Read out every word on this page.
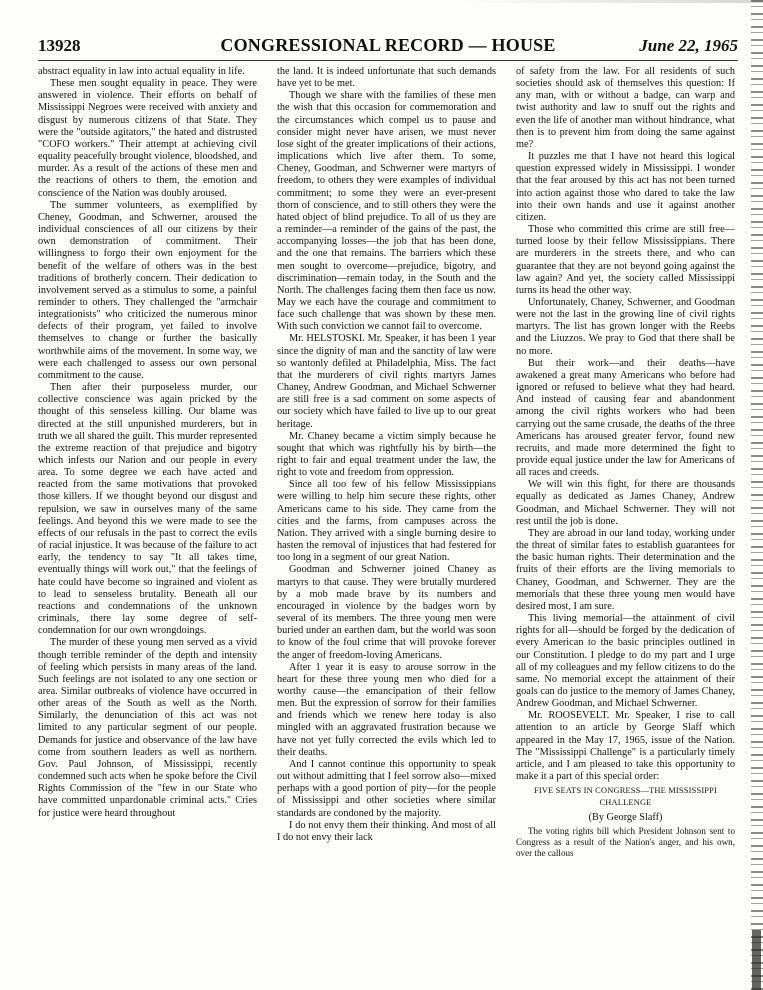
13928	CONGRESSIONAL RECORD — HOUSE	June 22, 1965

abstract equality in law into actual equality in life.

These men sought equality in peace. They were answered in violence. Their efforts on behalf of Mississippi Negroes were received with anxiety and disgust by numerous citizens of that State. They were the "outside agitators," the hated and distrusted "COFO workers." Their attempt at achieving civil equality peacefully brought violence, bloodshed, and murder. As a result of the actions of these men and the reactions of others to them, the emotion and conscience of the Nation was doubly aroused.

The summer volunteers, as exemplified by Cheney, Goodman, and Schwerner, aroused the individual consciences of all our citizens by their own demonstration of commitment. Their willingness to forgo their own enjoyment for the benefit of the welfare of others was in the best traditions of brotherly concern. Their dedication to involvement served as a stimulus to some, a painful reminder to others. They challenged the "armchair integrationists" who criticized the numerous minor defects of their program, yet failed to involve themselves to change or further the basically worthwhile aims of the movement. In some way, we were each challenged to assess our own personal commitment to the cause.

Then after their purposeless murder, our collective conscience was again pricked by the thought of this senseless killing. Our blame was directed at the still unpunished murderers, but in truth we all shared the guilt. This murder represented the extreme reaction of that prejudice and bigotry which infests our Nation and our people in every area. To some degree we each have acted and reacted from the same motivations that provoked those killers. If we thought beyond our disgust and repulsion, we saw in ourselves many of the same feelings. And beyond this we were made to see the effects of our refusals in the past to correct the evils of racial injustice. It was because of the failure to act early, the tendency to say "It all takes time, eventually things will work out," that the feelings of hate could have become so ingrained and violent as to lead to senseless brutality. Beneath all our reactions and condemnations of the unknown criminals, there lay some degree of self-condemnation for our own wrongdoings.

The murder of these young men served as a vivid though terrible reminder of the depth and intensity of feeling which persists in many areas of the land. Such feelings are not isolated to any one section or area. Similar outbreaks of violence have occurred in other areas of the South as well as the North. Similarly, the denunciation of this act was not limited to any particular segment of our people. Demands for justice and observance of the law have come from southern leaders as well as northern. Gov. Paul Johnson, of Mississippi, recently condemned such acts when he spoke before the Civil Rights Commission of the "few in our State who have committed unpardonable criminal acts." Cries for justice were heard throughout

the land. It is indeed unfortunate that such demands have yet to be met.

Though we share with the families of these men the wish that this occasion for commemoration and the circumstances which compel us to pause and consider might never have arisen, we must never lose sight of the greater implications of their actions, implications which live after them. To some, Cheney, Goodman, and Schwerner were martyrs of freedom, to others they were examples of individual commitment; to some they were an ever-present thorn of conscience, and to still others they were the hated object of blind prejudice. To all of us they are a reminder—a reminder of the gains of the past, the accompanying losses—the job that has been done, and the one that remains. The barriers which these men sought to overcome—prejudice, bigotry, and discrimination—remain today, in the South and the North. The challenges facing them then face us now. May we each have the courage and commitment to face such challenge that was shown by these men. With such conviction we cannot fail to overcome.

Mr. HELSTOSKI. Mr. Speaker, it has been 1 year since the dignity of man and the sanctity of law were so wantonly defiled at Philadelphia, Miss. The fact that the murderers of civil rights martyrs James Chaney, Andrew Goodman, and Michael Schwerner are still free is a sad comment on some aspects of our society which have failed to live up to our great heritage.

Mr. Chaney became a victim simply because he sought that which was rightfully his by birth—the right to fair and equal treatment under the law, the right to vote and freedom from oppression.

Since all too few of his fellow Mississippians were willing to help him secure these rights, other Americans came to his side. They came from the cities and the farms, from campuses across the Nation. They arrived with a single burning desire to hasten the removal of injustices that had festered for too long in a segment of our great Nation.

Goodman and Schwerner joined Chaney as martyrs to that cause. They were brutally murdered by a mob made brave by its numbers and encouraged in violence by the badges worn by several of its members. The three young men were buried under an earthen dam, but the world was soon to know of the foul crime that will provoke forever the anger of freedom-loving Americans.

After 1 year it is easy to arouse sorrow in the heart for these three young men who died for a worthy cause—the emancipation of their fellow men. But the expression of sorrow for their families and friends which we renew here today is also mingled with an aggravated frustration because we have not yet fully corrected the evils which led to their deaths.

And I cannot continue this opportunity to speak out without admitting that I feel sorrow also—mixed perhaps with a good portion of pity—for the people of Mississippi and other societies where similar standards are condoned by the majority.

I do not envy them their thinking. And most of all I do not envy their lack

of safety from the law. For all residents of such societies should ask of themselves this question: If any man, with or without a badge, can warp and twist authority and law to snuff out the rights and even the life of another man without hindrance, what then is to prevent him from doing the same against me?

It puzzles me that I have not heard this logical question expressed widely in Mississippi. I wonder that the fear aroused by this act has not been turned into action against those who dared to take the law into their own hands and use it against another citizen.

Those who committed this crime are still free—turned loose by their fellow Mississippians. There are murderers in the streets there, and who can guarantee that they are not beyond going against the law again? And yet, the society called Mississippi turns its head the other way.

Unfortunately, Chaney, Schwerner, and Goodman were not the last in the growing line of civil rights martyrs. The list has grown longer with the Reebs and the Liuzzos. We pray to God that there shall be no more.

But their work—and their deaths—have awakened a great many Americans who before had ignored or refused to believe what they had heard. And instead of causing fear and abandonment among the civil rights workers who had been carrying out the same crusade, the deaths of the three Americans has aroused greater fervor, found new recruits, and made more determined the fight to provide equal justice under the law for Americans of all races and creeds.

We will win this fight, for there are thousands equally as dedicated as James Chaney, Andrew Goodman, and Michael Schwerner. They will not rest until the job is done.

They are abroad in our land today, working under the threat of similar fates to establish guarantees for the basic human rights. Their determination and the fruits of their efforts are the living memorials to Chaney, Goodman, and Schwerner. They are the memorials that these three young men would have desired most, I am sure.

This living memorial—the attainment of civil rights for all—should be forged by the dedication of every American to the basic principles outlined in our Constitution. I pledge to do my part and I urge all of my colleagues and my fellow citizens to do the same. No memorial except the attainment of their goals can do justice to the memory of James Chaney, Andrew Goodman, and Michael Schwerner.

Mr. ROOSEVELT. Mr. Speaker, I rise to call attention to an article by George Slaff which appeared in the May 17, 1965, issue of the Nation. The "Mississippi Challenge" is a particularly timely article, and I am pleased to take this opportunity to make it a part of this special order:

FIVE SEATS IN CONGRESS—THE MISSISSIPPI CHALLENGE

(By George Slaff)

The voting rights bill which President Johnson sent to Congress as a result of the Nation's anger, and his own, over the callous
